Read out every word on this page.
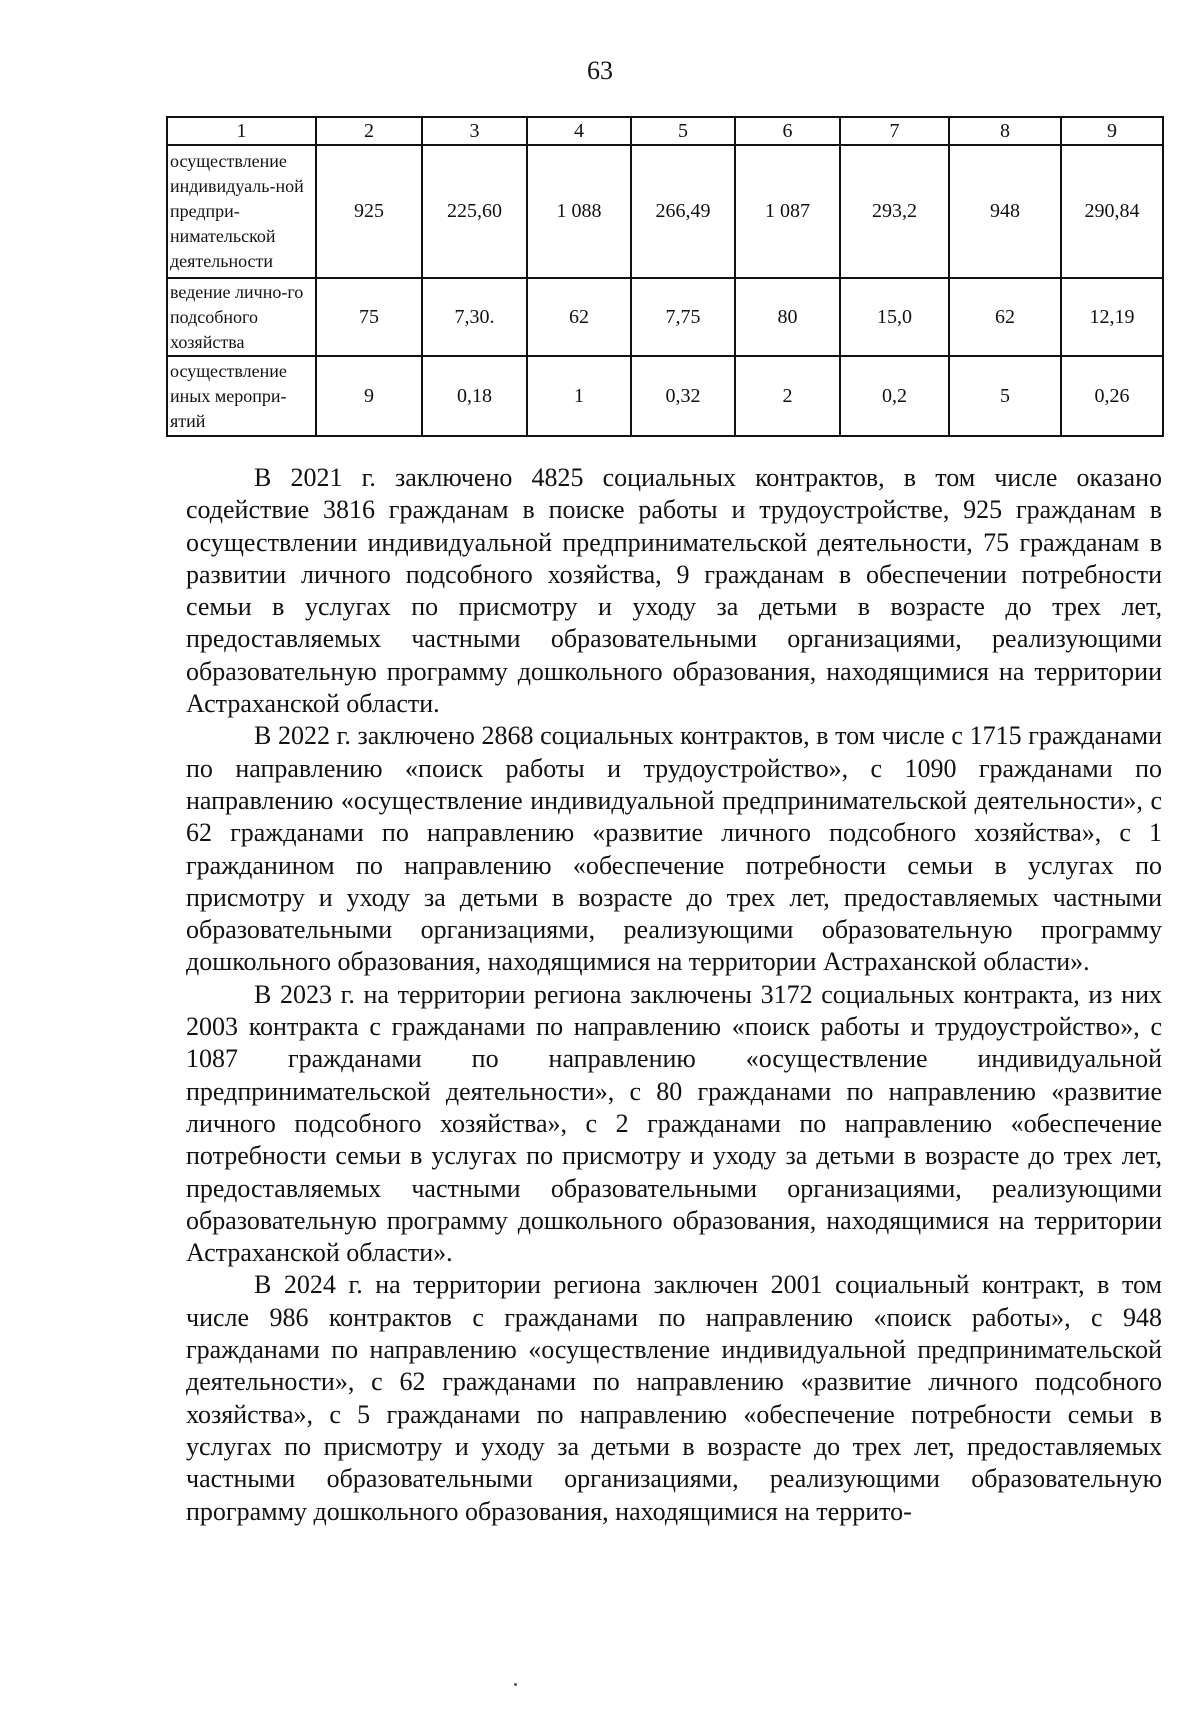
63
1	2	3	4	5	6	7	8	9
осуществление индивидуаль-ной предпри-нимательской деятельности	925	225,60	1 088	266,49	1 087	293,2	948	290,84
ведение лично-го подсобного хозяйства	75	7,30.	62	7,75	80	15,0	62	12,19
осуществление иных меропри-ятий	9	0,18	1	0,32	2	0,2	5	0,26

В 2021 г. заключено 4825 социальных контрактов, в том числе оказано содействие 3816 гражданам в поиске работы и трудоустройстве, 925 гражданам в осуществлении индивидуальной предпринимательской деятельности, 75 гражданам в развитии личного подсобного хозяйства, 9 гражданам в обеспечении потребности семьи в услугах по присмотру и уходу за детьми в возрасте до трех лет, предоставляемых частными образовательными организациями, реализующими образовательную программу дошкольного образования, находящимися на территории Астраханской области.

В 2022 г. заключено 2868 социальных контрактов, в том числе с 1715 гражданами по направлению «поиск работы и трудоустройство», с 1090 гражданами по направлению «осуществление индивидуальной предпринимательской деятельности», с 62 гражданами по направлению «развитие личного подсобного хозяйства», с 1 гражданином по направлению «обеспечение потребности семьи в услугах по присмотру и уходу за детьми в возрасте до трех лет, предоставляемых частными образовательными организациями, реализующими образовательную программу дошкольного образования, находящимися на территории Астраханской области».

В 2023 г. на территории региона заключены 3172 социальных контракта, из них 2003 контракта с гражданами по направлению «поиск работы и трудоустройство», с 1087 гражданами по направлению «осуществление индивидуальной предпринимательской деятельности», с 80 гражданами по направлению «развитие личного подсобного хозяйства», с 2 гражданами по направлению «обеспечение потребности семьи в услугах по присмотру и уходу за детьми в возрасте до трех лет, предоставляемых частными образовательными организациями, реализующими образовательную программу дошкольного образования, находящимися на территории Астраханской области».

В 2024 г. на территории региона заключен 2001 социальный контракт, в том числе 986 контрактов с гражданами по направлению «поиск работы», с 948 гражданами по направлению «осуществление индивидуальной предпринимательской деятельности», с 62 гражданами по направлению «развитие личного подсобного хозяйства», с 5 гражданами по направлению «обеспечение потребности семьи в услугах по присмотру и уходу за детьми в возрасте до трех лет, предоставляемых частными образовательными организациями, реализующими образовательную программу дошкольного образования, находящимися на террито-
